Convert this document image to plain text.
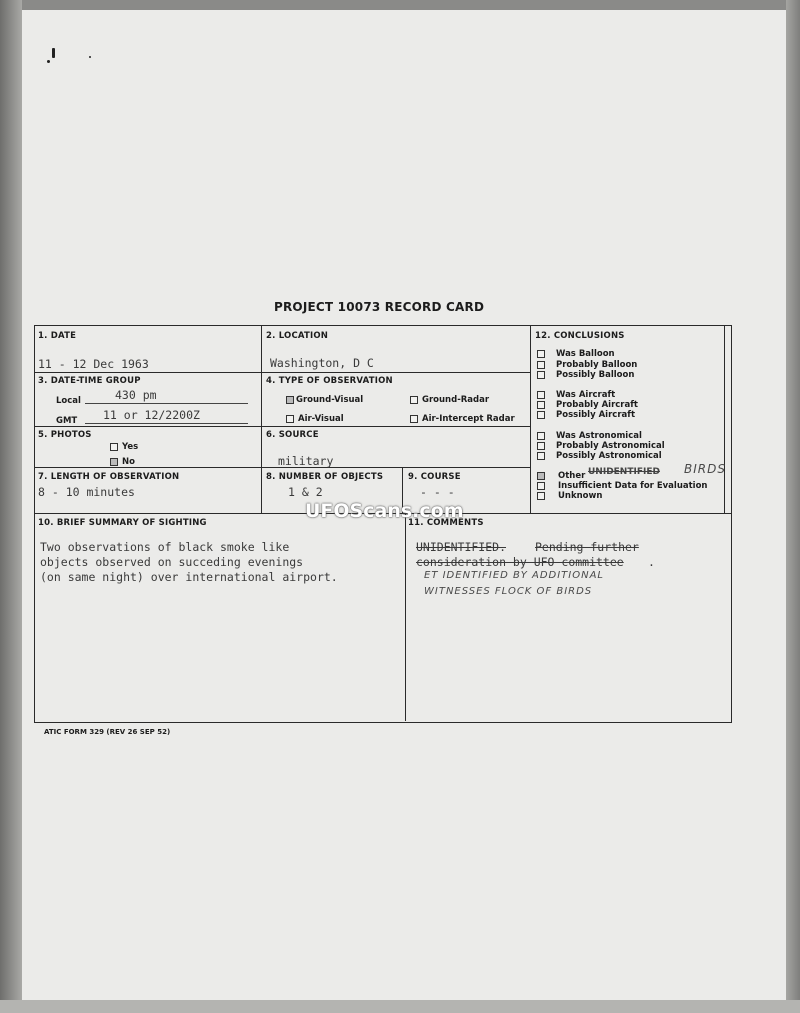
PROJECT 10073 RECORD CARD
1. DATE
11 - 12 Dec 1963
2. LOCATION
Washington, D C
3. DATE-TIME GROUP
Local	430 pm
GMT 11 or 12/2200Z
4. TYPE OF OBSERVATION
Ground-Visual	Ground-Radar
Air-Visual	Air-Intercept Radar
5. PHOTOS
Yes
No
6. SOURCE
military
7. LENGTH OF OBSERVATION
8 - 10 minutes
8. NUMBER OF OBJECTS
1 & 2
9. COURSE
- - -
12. CONCLUSIONS
Was Balloon
Probably Balloon
Possibly Balloon
Was Aircraft
Probably Aircraft
Possibly Aircraft
Was Astronomical
Probably Astronomical
Possibly Astronomical
Other UNIDENTIFIED BIRDS
Insufficient Data for Evaluation
Unknown
10. BRIEF SUMMARY OF SIGHTING
Two observations of black smoke like
objects observed on succeding evenings
(on same night) over international airport.
11. COMMENTS
UNIDENTIFIED.	Pending further
consideration by UFO committee .
ET IDENTIFIED BY ADDITIONAL
WITNESSES FLOCK OF BIRDS
UFOScans.com
ATIC FORM 329 (REV 26 SEP 52)
